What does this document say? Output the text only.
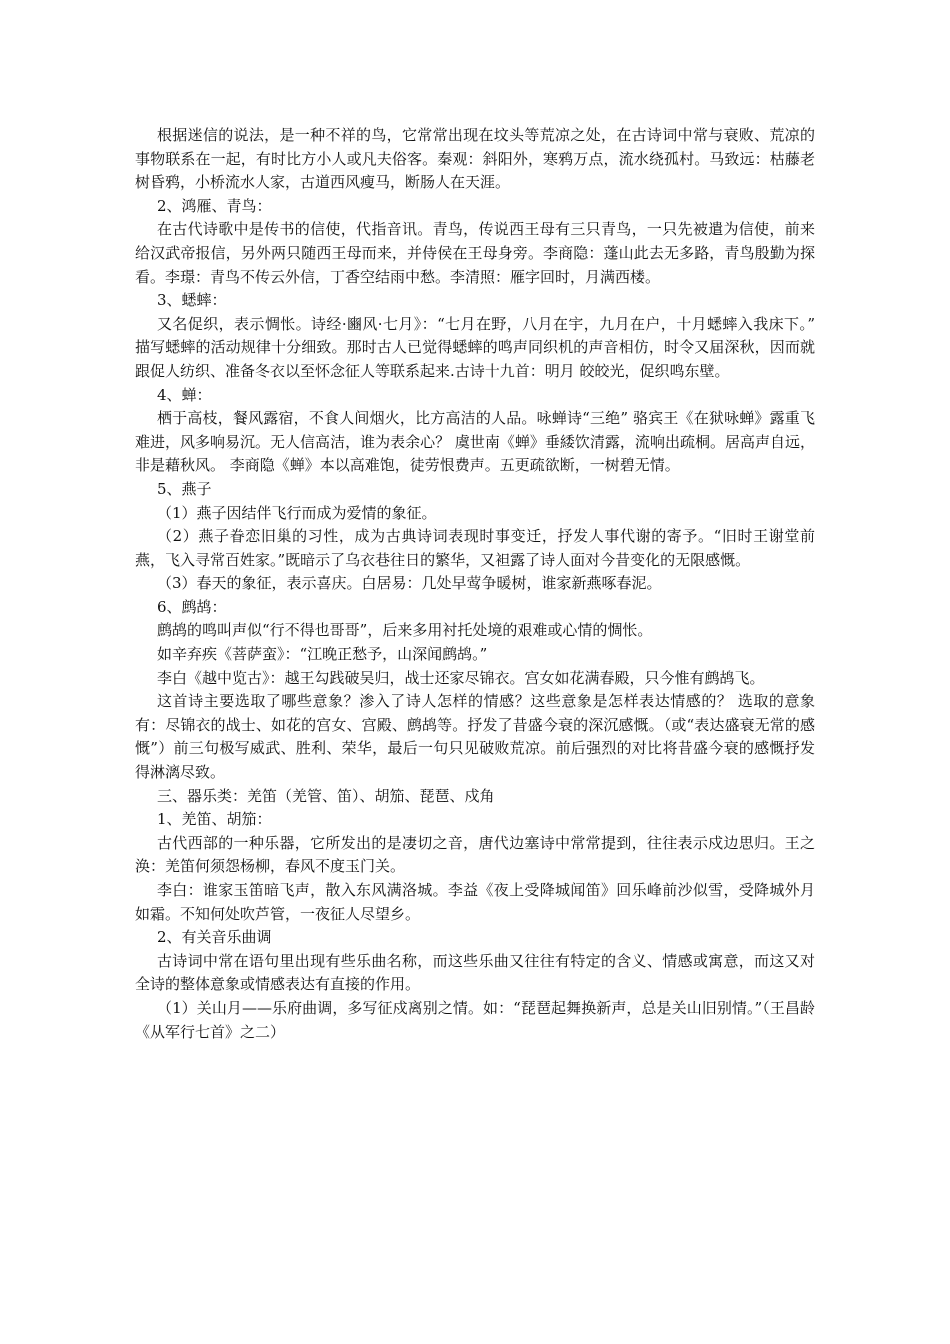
根据迷信的说法，是一种不祥的鸟，它常常出现在坟头等荒凉之处，在古诗词中常与衰败、荒凉的事物联系在一起，有时比方小人或凡夫俗客。秦观：斜阳外，寒鸦万点，流水绕孤村。马致远：枯藤老树昏鸦，小桥流水人家，古道西风瘦马，断肠人在天涯。

2、鸿雁、青鸟：

在古代诗歌中是传书的信使，代指音讯。青鸟，传说西王母有三只青鸟，一只先被遣为信使，前来给汉武帝报信，另外两只随西王母而来，并侍侯在王母身旁。李商隐：蓬山此去无多路，青鸟殷勤为探看。李璟：青鸟不传云外信，丁香空结雨中愁。李清照：雁字回时，月满西楼。

3、蟋蟀：

又名促织，表示惆怅。诗经·豳风·七月》：“七月在野，八月在宇，九月在户，十月蟋蟀入我床下。” 描写蟋蟀的活动规律十分细致。那时古人已觉得蟋蟀的鸣声同织机的声音相仿，时令又届深秋，因而就跟促人纺织、准备冬衣以至怀念征人等联系起来.古诗十九首：明月 皎皎光，促织鸣东壁。

4、蝉：

栖于高枝，餐风露宿，不食人间烟火，比方高洁的人品。咏蝉诗“三绝” 骆宾王《在狱咏蝉》露重飞难进，风多响易沉。无人信高洁，谁为表余心？ 虞世南《蝉》垂緌饮清露，流响出疏桐。居高声自远，非是藉秋风。 李商隐《蝉》本以高难饱，徒劳恨费声。五更疏欲断，一树碧无情。

5、燕子

（1）燕子因结伴飞行而成为爱情的象征。

（2）燕子眷恋旧巢的习性，成为古典诗词表现时事变迁，抒发人事代谢的寄予。“旧时王谢堂前燕，飞入寻常百姓家。”既暗示了乌衣巷往日的繁华，又袒露了诗人面对今昔变化的无限感慨。

（3）春天的象征，表示喜庆。白居易：几处早莺争暖树，谁家新燕啄春泥。

6、鹧鸪：

鹧鸪的鸣叫声似“行不得也哥哥”，后来多用衬托处境的艰难或心情的惆怅。

如辛弃疾《菩萨蛮》：“江晚正愁予，山深闻鹧鸪。”

李白《越中览古》：越王勾践破吴归，战士还家尽锦衣。宫女如花满春殿，只今惟有鹧鸪飞。

这首诗主要选取了哪些意象？渗入了诗人怎样的情感？这些意象是怎样表达情感的？ 选取的意象有：尽锦衣的战士、如花的宫女、宫殿、鹧鸪等。抒发了昔盛今衰的深沉感慨。（或“表达盛衰无常的感慨”）前三句极写威武、胜利、荣华，最后一句只见破败荒凉。前后强烈的对比将昔盛今衰的感慨抒发得淋漓尽致。

三、器乐类：羌笛（羌管、笛）、胡笳、琵琶、戍角

1、羌笛、胡笳：

古代西部的一种乐器，它所发出的是凄切之音，唐代边塞诗中常常提到，往往表示戍边思归。王之涣：羌笛何须怨杨柳，春风不度玉门关。

李白：谁家玉笛暗飞声，散入东风满洛城。李益《夜上受降城闻笛》回乐峰前沙似雪，受降城外月如霜。不知何处吹芦管，一夜征人尽望乡。

2、有关音乐曲调

古诗词中常在语句里出现有些乐曲名称，而这些乐曲又往往有特定的含义、情感或寓意，而这又对全诗的整体意象或情感表达有直接的作用。

（1）关山月——乐府曲调，多写征戍离别之情。如：“琵琶起舞换新声，总是关山旧别情。”（王昌龄《从军行七首》之二）
